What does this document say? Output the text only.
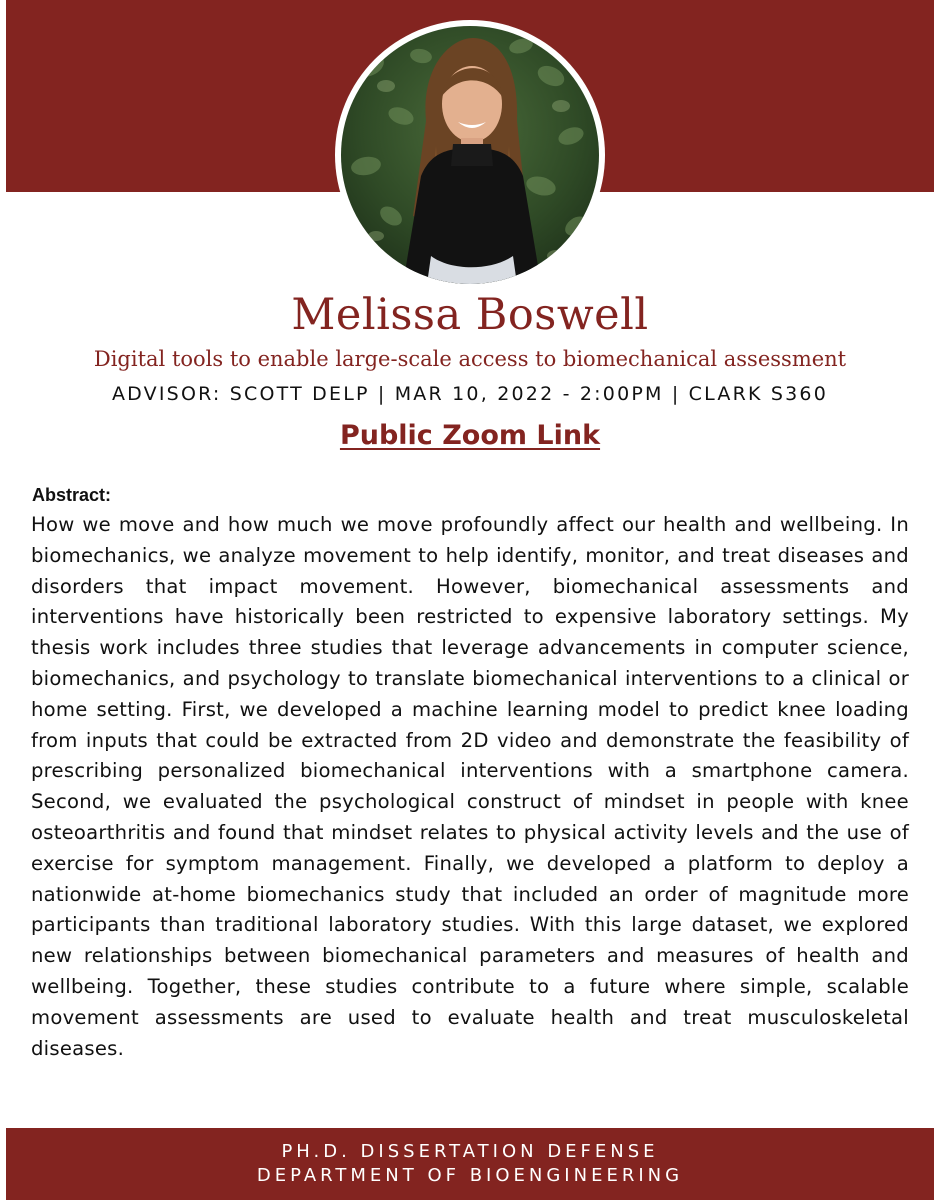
Melissa Boswell
Digital tools to enable large-scale access to biomechanical assessment
ADVISOR: SCOTT DELP | MAR 10, 2022 - 2:00PM | CLARK S360
Public Zoom Link
Abstract:
How we move and how much we move profoundly affect our health and wellbeing. In biomechanics, we analyze movement to help identify, monitor, and treat diseases and disorders that impact movement. However, biomechanical assessments and interventions have historically been restricted to expensive laboratory settings. My thesis work includes three studies that leverage advancements in computer science, biomechanics, and psychology to translate biomechanical interventions to a clinical or home setting. First, we developed a machine learning model to predict knee loading from inputs that could be extracted from 2D video and demonstrate the feasibility of prescribing personalized biomechanical interventions with a smartphone camera. Second, we evaluated the psychological construct of mindset in people with knee osteoarthritis and found that mindset relates to physical activity levels and the use of exercise for symptom management. Finally, we developed a platform to deploy a nationwide at-home biomechanics study that included an order of magnitude more participants than traditional laboratory studies. With this large dataset, we explored new relationships between biomechanical parameters and measures of health and wellbeing. Together, these studies contribute to a future where simple, scalable movement assessments are used to evaluate health and treat musculoskeletal diseases.
PH.D. DISSERTATION DEFENSE
DEPARTMENT OF BIOENGINEERING
